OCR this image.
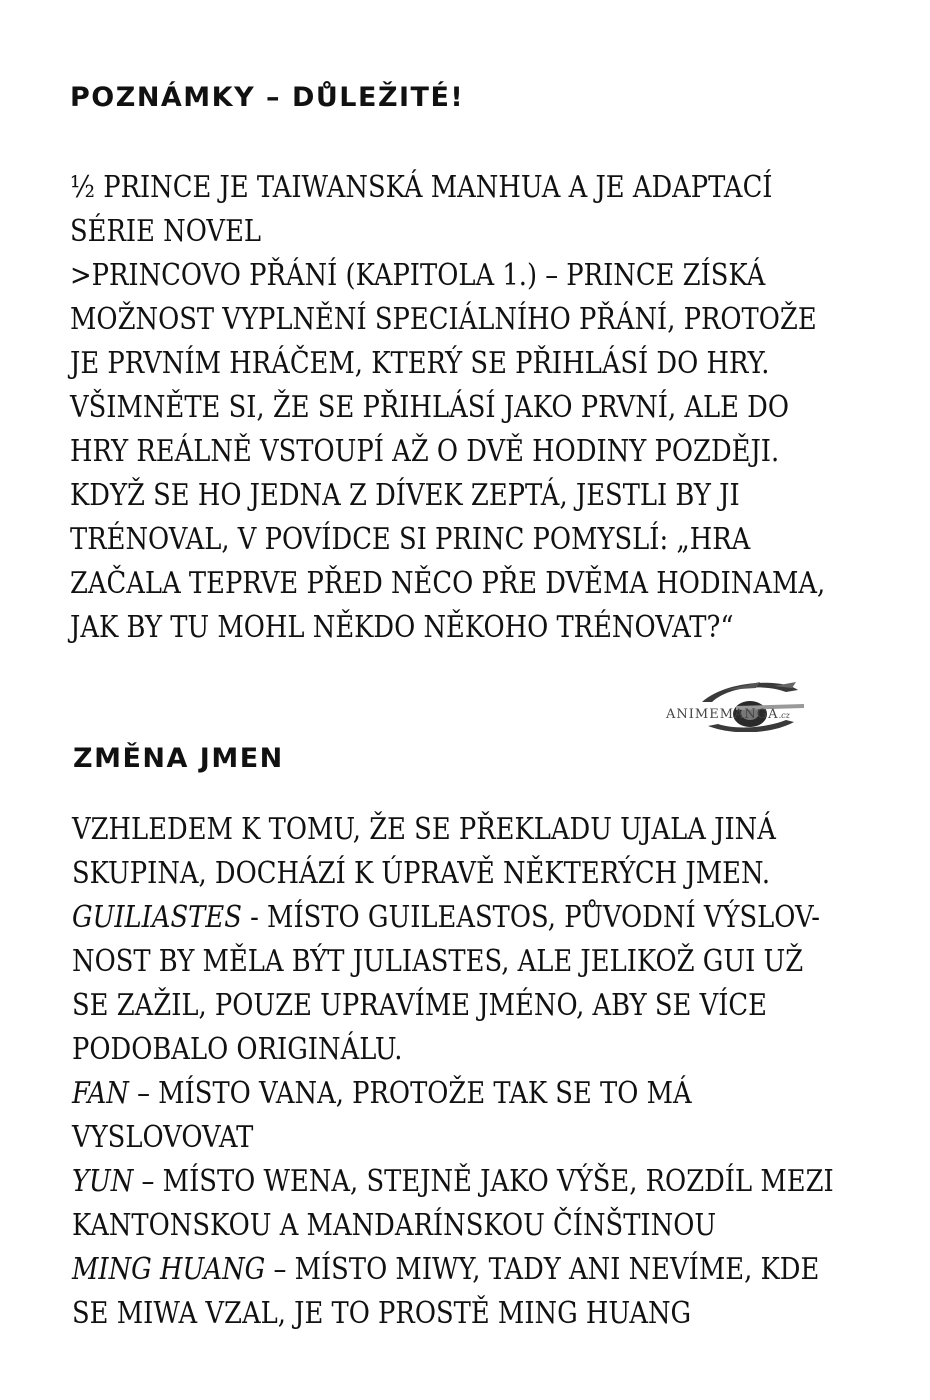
POZNÁMKY – DŮLEŽITÉ!
½ PRINCE JE TAIWANSKÁ MANHUA A JE ADAPTACÍ
SÉRIE NOVEL
>PRINCOVO PŘÁNÍ (KAPITOLA 1.) – PRINCE ZÍSKÁ
MOŽNOST VYPLNĚNÍ SPECIÁLNÍHO PŘÁNÍ, PROTOŽE
JE PRVNÍM HRÁČEM, KTERÝ SE PŘIHLÁSÍ DO HRY.
VŠIMNĚTE SI, ŽE SE PŘIHLÁSÍ JAKO PRVNÍ, ALE DO
HRY REÁLNĚ VSTOUPÍ AŽ O DVĚ HODINY POZDĚJI.
KDYŽ SE HO JEDNA Z DÍVEK ZEPTÁ, JESTLI BY JI
TRÉNOVAL, V POVÍDCE SI PRINC POMYSLÍ: „HRA
ZAČALA TEPRVE PŘED NĚCO PŘE DVĚMA HODINAMA,
JAK BY TU MOHL NĚKDO NĚKOHO TRÉNOVAT?“
ANIMEMANGA.cz
ZMĚNA JMEN
VZHLEDEM K TOMU, ŽE SE PŘEKLADU UJALA JINÁ
SKUPINA, DOCHÁZÍ K ÚPRAVĚ NĚKTERÝCH JMEN.
GUILIASTES - MÍSTO GUILEASTOS, PŮVODNÍ VÝSLOV-
NOST BY MĚLA BÝT JULIASTES, ALE JELIKOŽ GUI UŽ
SE ZAŽIL, POUZE UPRAVÍME JMÉNO, ABY SE VÍCE
PODOBALO ORIGINÁLU.
FAN – MÍSTO VANA, PROTOŽE TAK SE TO MÁ
VYSLOVOVAT
YUN – MÍSTO WENA, STEJNĚ JAKO VÝŠE, ROZDÍL MEZI
KANTONSKOU A MANDARÍNSKOU ČÍNŠTINOU
MING HUANG – MÍSTO MIWY, TADY ANI NEVÍME, KDE
SE MIWA VZAL, JE TO PROSTĚ MING HUANG
